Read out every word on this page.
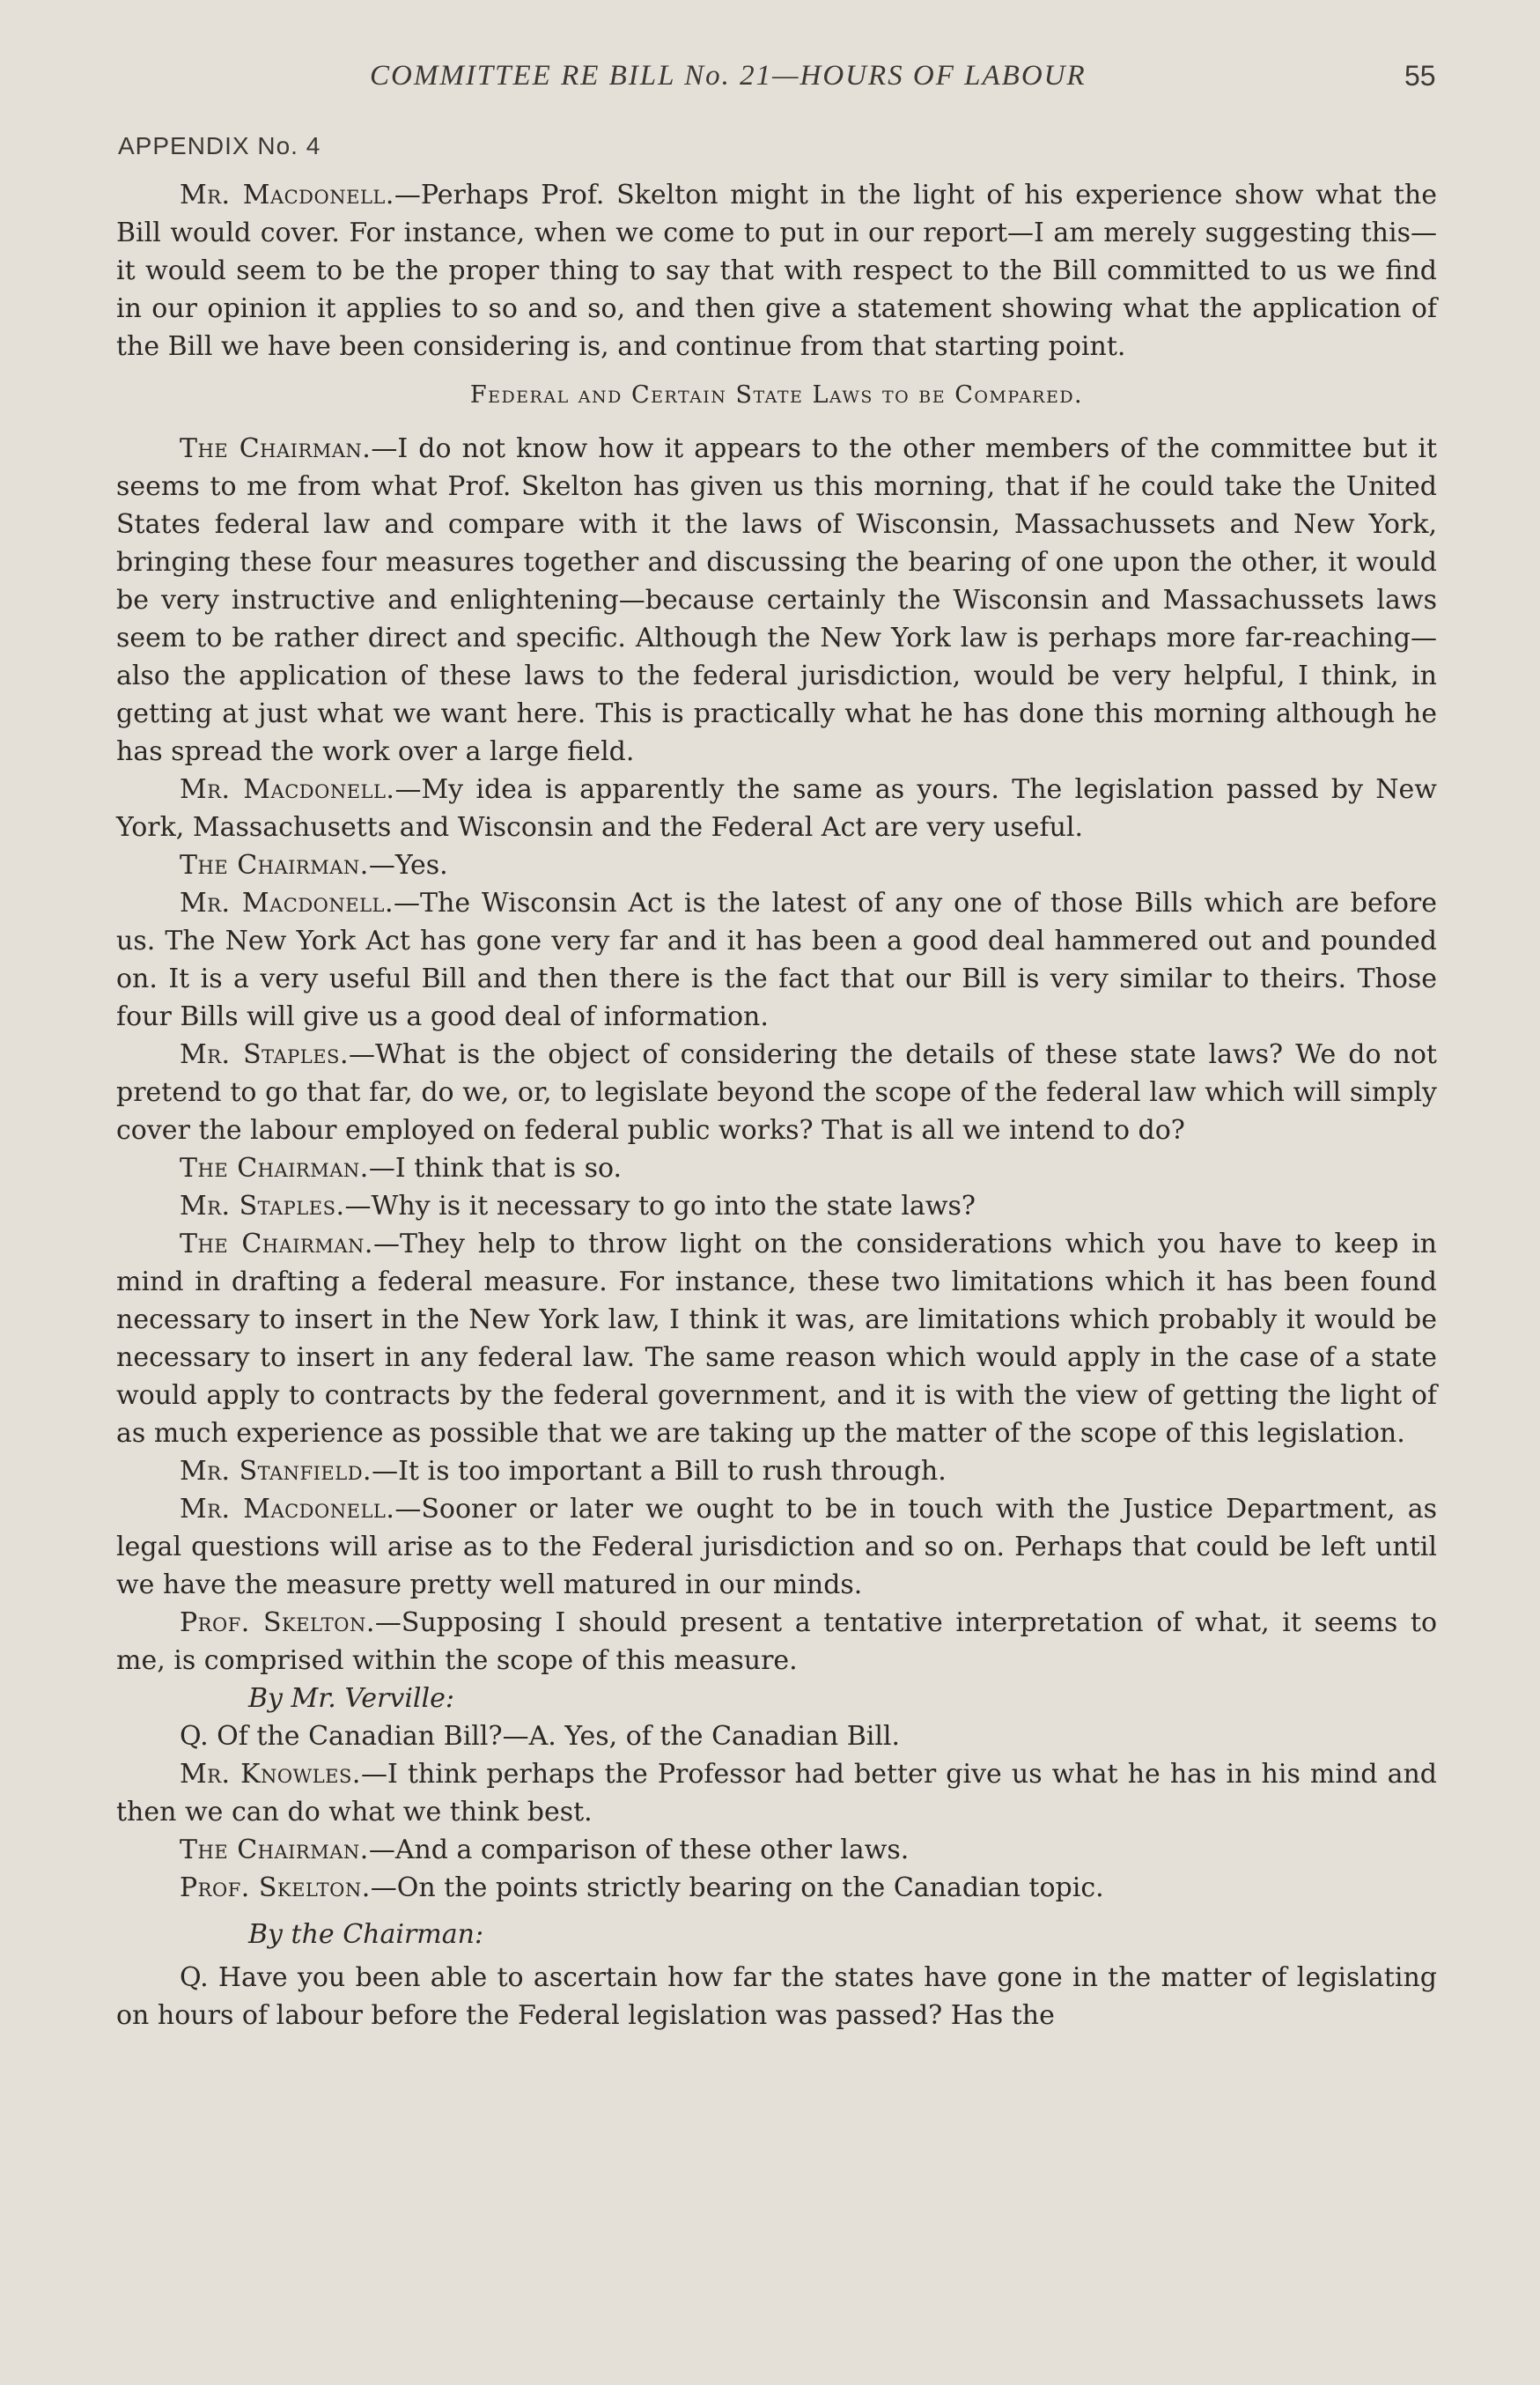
COMMITTEE RE BILL No. 21—HOURS OF LABOUR	55
APPENDIX No. 4

Mr. Macdonell.—Perhaps Prof. Skelton might in the light of his experience show what the Bill would cover. For instance, when we come to put in our report—I am merely suggesting this—it would seem to be the proper thing to say that with respect to the Bill committed to us we find in our opinion it applies to so and so, and then give a statement showing what the application of the Bill we have been considering is, and continue from that starting point.

Federal and Certain State Laws to be Compared.

The Chairman.—I do not know how it appears to the other members of the committee but it seems to me from what Prof. Skelton has given us this morning, that if he could take the United States federal law and compare with it the laws of Wisconsin, Massachussets and New York, bringing these four measures together and discussing the bearing of one upon the other, it would be very instructive and enlightening—because certainly the Wisconsin and Massachussets laws seem to be rather direct and specific. Although the New York law is perhaps more far-reaching—also the application of these laws to the federal jurisdiction, would be very helpful, I think, in getting at just what we want here. This is practically what he has done this morning although he has spread the work over a large field.

Mr. Macdonell.—My idea is apparently the same as yours. The legislation passed by New York, Massachusetts and Wisconsin and the Federal Act are very useful.

The Chairman.—Yes.

Mr. Macdonell.—The Wisconsin Act is the latest of any one of those Bills which are before us. The New York Act has gone very far and it has been a good deal hammered out and pounded on. It is a very useful Bill and then there is the fact that our Bill is very similar to theirs. Those four Bills will give us a good deal of information.

Mr. Staples.—What is the object of considering the details of these state laws? We do not pretend to go that far, do we, or, to legislate beyond the scope of the federal law which will simply cover the labour employed on federal public works? That is all we intend to do?

The Chairman.—I think that is so.

Mr. Staples.—Why is it necessary to go into the state laws?

The Chairman.—They help to throw light on the considerations which you have to keep in mind in drafting a federal measure. For instance, these two limitations which it has been found necessary to insert in the New York law, I think it was, are limitations which probably it would be necessary to insert in any federal law. The same reason which would apply in the case of a state would apply to contracts by the federal government, and it is with the view of getting the light of as much experience as possible that we are taking up the matter of the scope of this legislation.

Mr. Stanfield.—It is too important a Bill to rush through.

Mr. Macdonell.—Sooner or later we ought to be in touch with the Justice Department, as legal questions will arise as to the Federal jurisdiction and so on. Perhaps that could be left until we have the measure pretty well matured in our minds.

Prof. Skelton.—Supposing I should present a tentative interpretation of what, it seems to me, is comprised within the scope of this measure.

By Mr. Verville:

Q. Of the Canadian Bill?—A. Yes, of the Canadian Bill.

Mr. Knowles.—I think perhaps the Professor had better give us what he has in his mind and then we can do what we think best.

The Chairman.—And a comparison of these other laws.

Prof. Skelton.—On the points strictly bearing on the Canadian topic.

By the Chairman:

Q. Have you been able to ascertain how far the states have gone in the matter of legislating on hours of labour before the Federal legislation was passed? Has the
